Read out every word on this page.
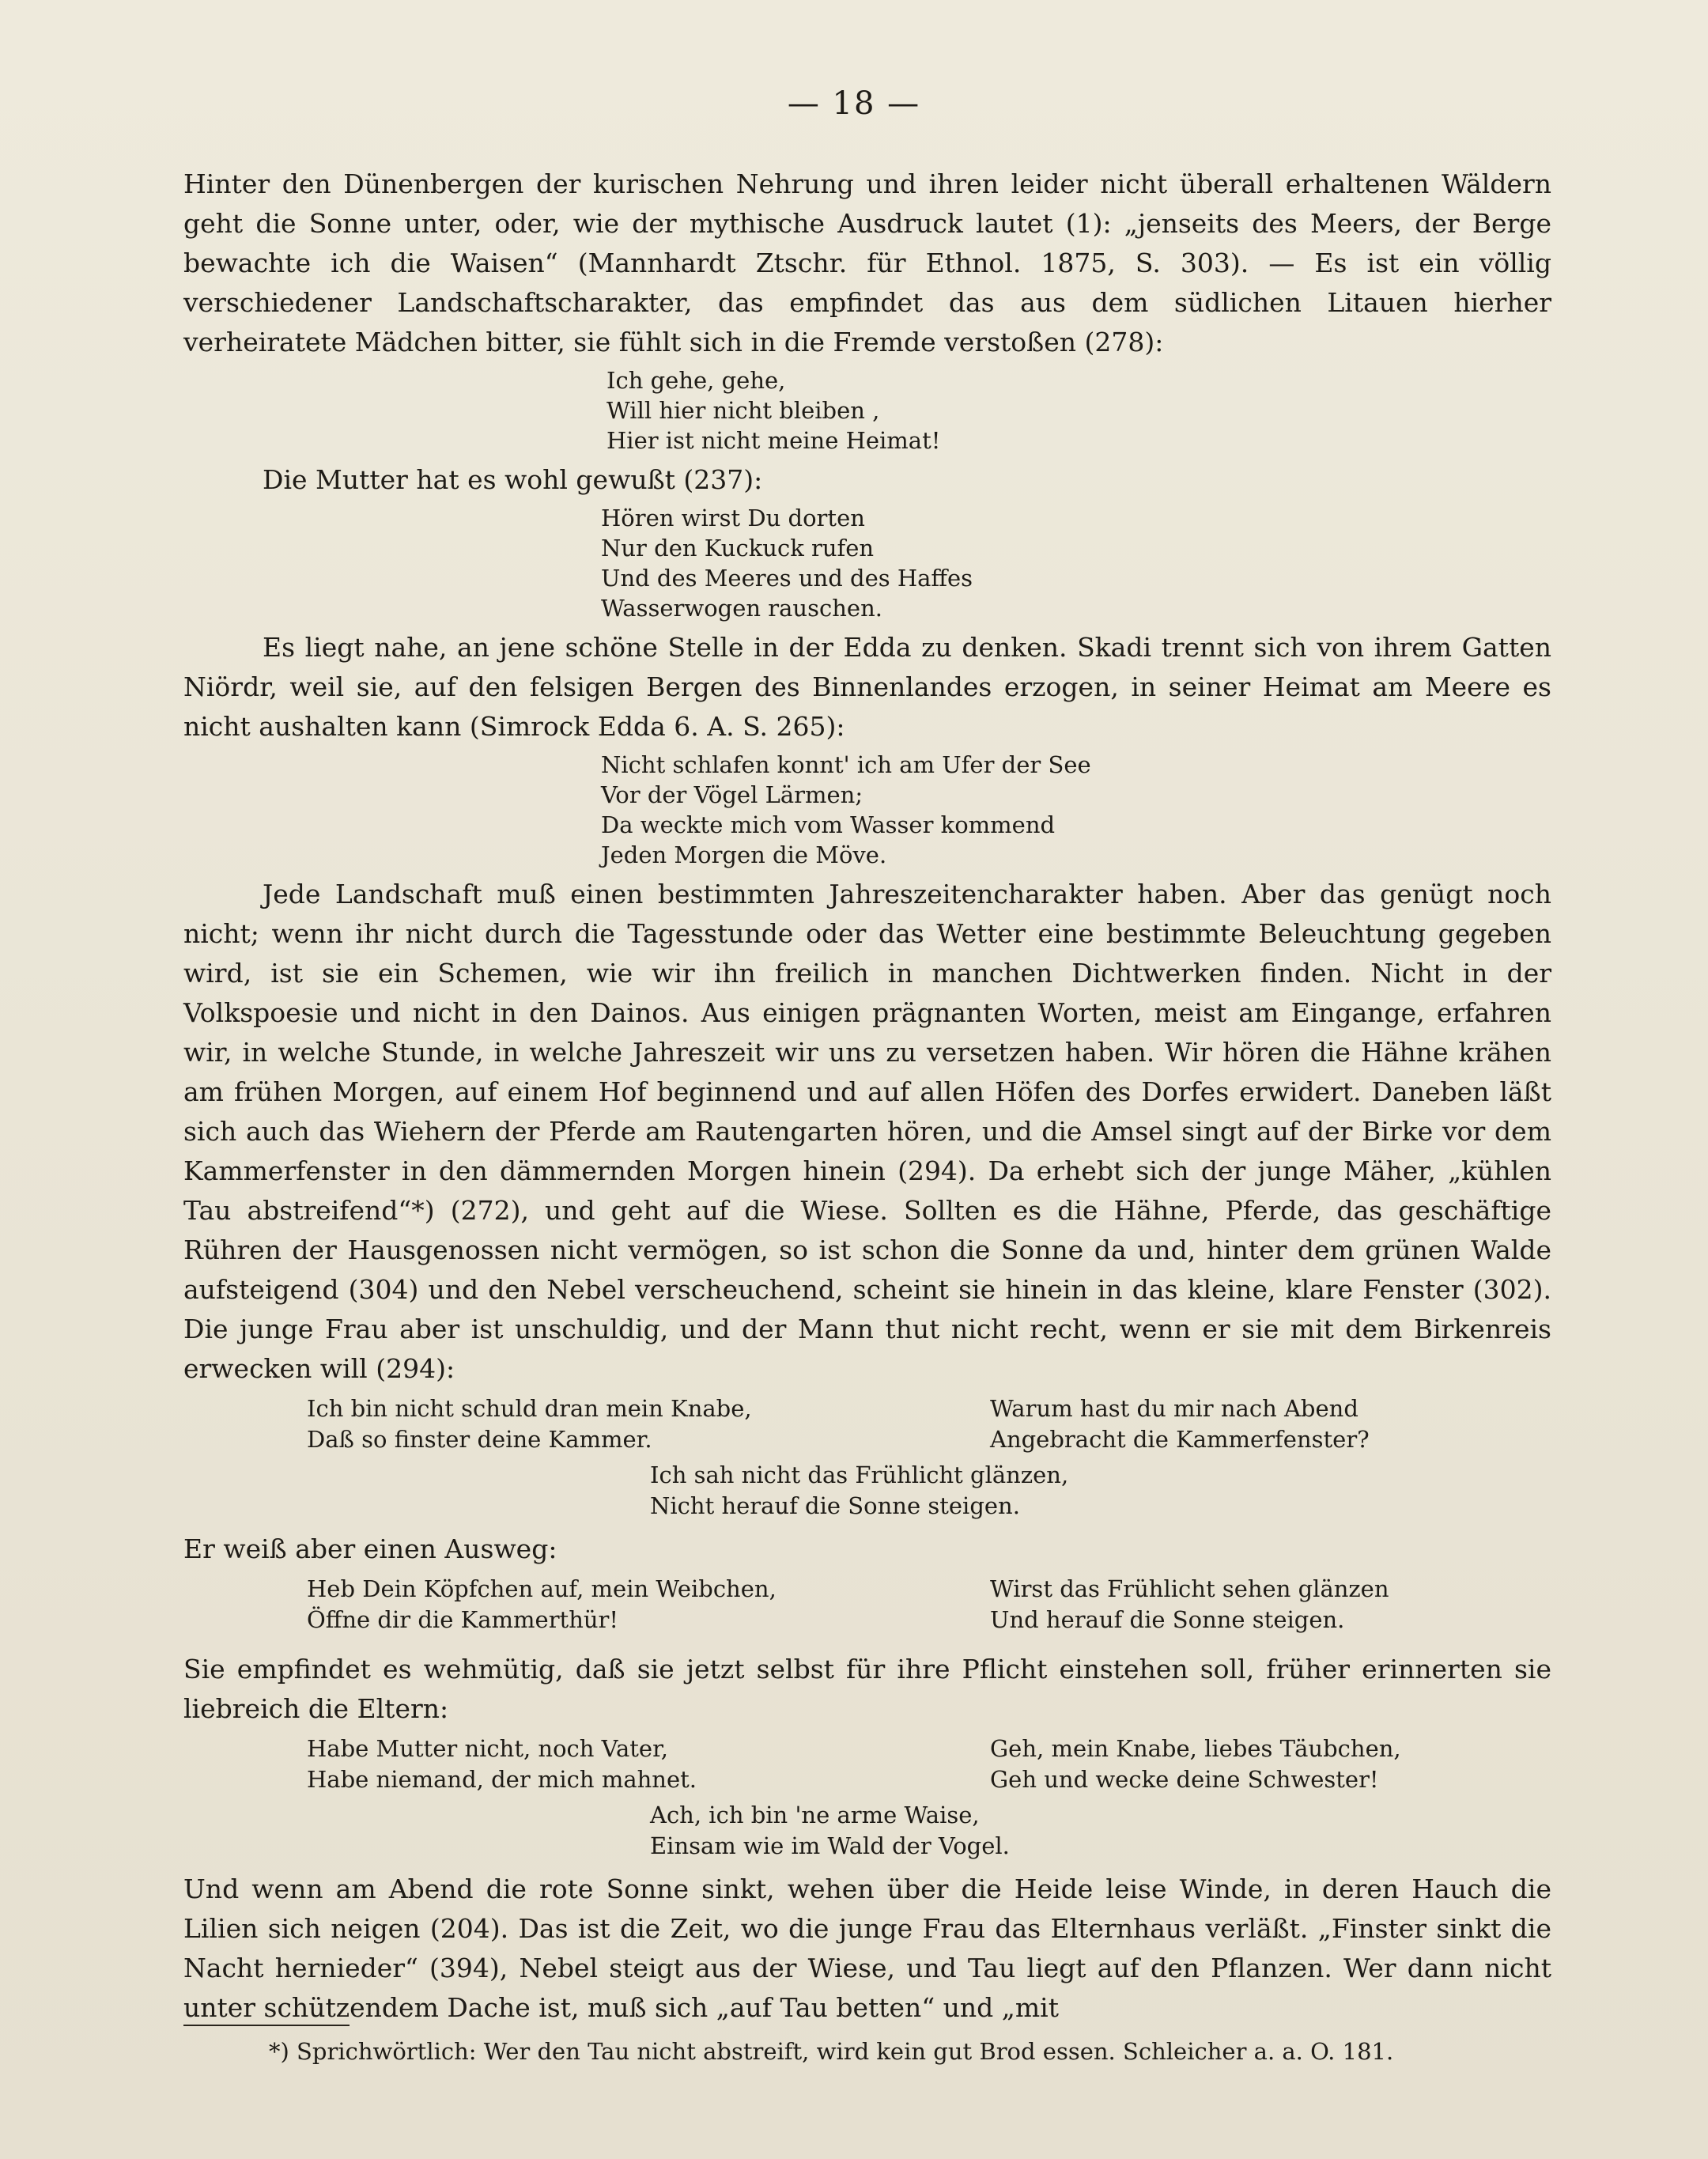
— 18 —

Hinter den Dünenbergen der kurischen Nehrung und ihren leider nicht überall erhaltenen Wäldern geht die Sonne unter, oder, wie der mythische Ausdruck lautet (1): „jenseits des Meers, der Berge bewachte ich die Waisen“ (Mannhardt Ztschr. für Ethnol. 1875, S. 303). — Es ist ein völlig verschiedener Landschaftscharakter, das empfindet das aus dem südlichen Litauen hierher verheiratete Mädchen bitter, sie fühlt sich in die Fremde verstoßen (278):

Ich gehe, gehe,
Will hier nicht bleiben ,
Hier ist nicht meine Heimat!

Die Mutter hat es wohl gewußt (237):

Hören wirst Du dorten
Nur den Kuckuck rufen
Und des Meeres und des Haffes
Wasserwogen rauschen.

Es liegt nahe, an jene schöne Stelle in der Edda zu denken. Skadi trennt sich von ihrem Gatten Niördr, weil sie, auf den felsigen Bergen des Binnenlandes erzogen, in seiner Heimat am Meere es nicht aushalten kann (Simrock Edda 6. A. S. 265):

Nicht schlafen konnt' ich am Ufer der See
Vor der Vögel Lärmen;
Da weckte mich vom Wasser kommend
Jeden Morgen die Möve.

Jede Landschaft muß einen bestimmten Jahreszeitencharakter haben. Aber das genügt noch nicht; wenn ihr nicht durch die Tagesstunde oder das Wetter eine bestimmte Beleuchtung gegeben wird, ist sie ein Schemen, wie wir ihn freilich in manchen Dichtwerken finden. Nicht in der Volkspoesie und nicht in den Dainos. Aus einigen prägnanten Worten, meist am Eingange, erfahren wir, in welche Stunde, in welche Jahreszeit wir uns zu versetzen haben. Wir hören die Hähne krähen am frühen Morgen, auf einem Hof beginnend und auf allen Höfen des Dorfes erwidert. Daneben läßt sich auch das Wiehern der Pferde am Rautengarten hören, und die Amsel singt auf der Birke vor dem Kammerfenster in den dämmernden Morgen hinein (294). Da erhebt sich der junge Mäher, „kühlen Tau abstreifend“*) (272), und geht auf die Wiese. Sollten es die Hähne, Pferde, das geschäftige Rühren der Hausgenossen nicht vermögen, so ist schon die Sonne da und, hinter dem grünen Walde aufsteigend (304) und den Nebel verscheuchend, scheint sie hinein in das kleine, klare Fenster (302). Die junge Frau aber ist unschuldig, und der Mann thut nicht recht, wenn er sie mit dem Birkenreis erwecken will (294):

Ich bin nicht schuld dran mein Knabe,
Daß so finster deine Kammer.
Warum hast du mir nach Abend
Angebracht die Kammerfenster?
Ich sah nicht das Frühlicht glänzen,
Nicht herauf die Sonne steigen.

Er weiß aber einen Ausweg:

Heb Dein Köpfchen auf, mein Weibchen,
Öffne dir die Kammerthür!
Wirst das Frühlicht sehen glänzen
Und herauf die Sonne steigen.

Sie empfindet es wehmütig, daß sie jetzt selbst für ihre Pflicht einstehen soll, früher erinnerten sie liebreich die Eltern:

Habe Mutter nicht, noch Vater,
Habe niemand, der mich mahnet.
Geh, mein Knabe, liebes Täubchen,
Geh und wecke deine Schwester!
Ach, ich bin 'ne arme Waise,
Einsam wie im Wald der Vogel.

Und wenn am Abend die rote Sonne sinkt, wehen über die Heide leise Winde, in deren Hauch die Lilien sich neigen (204). Das ist die Zeit, wo die junge Frau das Elternhaus verläßt. „Finster sinkt die Nacht hernieder“ (394), Nebel steigt aus der Wiese, und Tau liegt auf den Pflanzen. Wer dann nicht unter schützendem Dache ist, muß sich „auf Tau betten“ und „mit

*) Sprichwörtlich: Wer den Tau nicht abstreift, wird kein gut Brod essen. Schleicher a. a. O. 181.
